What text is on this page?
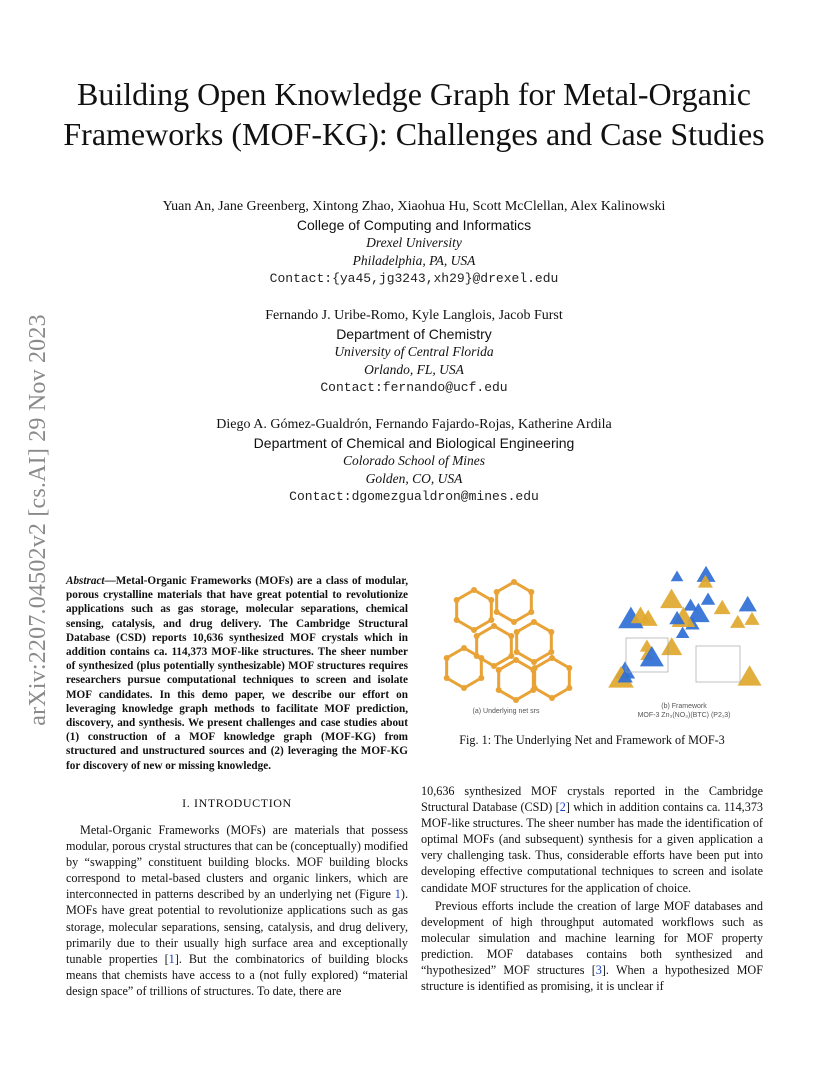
arXiv:2207.04502v2 [cs.AI] 29 Nov 2023
Building Open Knowledge Graph for Metal-Organic Frameworks (MOF-KG): Challenges and Case Studies
Yuan An, Jane Greenberg, Xintong Zhao, Xiaohua Hu, Scott McClellan, Alex Kalinowski
College of Computing and Informatics
Drexel University
Philadelphia, PA, USA
Contact:{ya45,jg3243,xh29}@drexel.edu
Fernando J. Uribe-Romo, Kyle Langlois, Jacob Furst
Department of Chemistry
University of Central Florida
Orlando, FL, USA
Contact:fernando@ucf.edu
Diego A. Gómez-Gualdrón, Fernando Fajardo-Rojas, Katherine Ardila
Department of Chemical and Biological Engineering
Colorado School of Mines
Golden, CO, USA
Contact:dgomezgualdron@mines.edu
Abstract—Metal-Organic Frameworks (MOFs) are a class of modular, porous crystalline materials that have great potential to revolutionize applications such as gas storage, molecular separations, chemical sensing, catalysis, and drug delivery. The Cambridge Structural Database (CSD) reports 10,636 synthesized MOF crystals which in addition contains ca. 114,373 MOF-like structures. The sheer number of synthesized (plus potentially synthesizable) MOF structures requires researchers pursue computational techniques to screen and isolate MOF candidates. In this demo paper, we describe our effort on leveraging knowledge graph methods to facilitate MOF prediction, discovery, and synthesis. We present challenges and case studies about (1) construction of a MOF knowledge graph (MOF-KG) from structured and unstructured sources and (2) leveraging the MOF-KG for discovery of new or missing knowledge.
(a) Underlying net srs
(b) Framework
MOF-3 Zn₃(NO₃)(BTC) (P2₁3)
Fig. 1: The Underlying Net and Framework of MOF-3
I. INTRODUCTION
Metal-Organic Frameworks (MOFs) are materials that possess modular, porous crystal structures that can be (conceptually) modified by “swapping” constituent building blocks. MOF building blocks correspond to metal-based clusters and organic linkers, which are interconnected in patterns described by an underlying net (Figure 1). MOFs have great potential to revolutionize applications such as gas storage, molecular separations, sensing, catalysis, and drug delivery, primarily due to their usually high surface area and exceptionally tunable properties [1]. But the combinatorics of building blocks means that chemists have access to a (not fully explored) “material design space” of trillions of structures. To date, there are

10,636 synthesized MOF crystals reported in the Cambridge Structural Database (CSD) [2] which in addition contains ca. 114,373 MOF-like structures. The sheer number has made the identification of optimal MOFs (and subsequent) synthesis for a given application a very challenging task. Thus, considerable efforts have been put into developing effective computational techniques to screen and isolate candidate MOF structures for the application of choice.

Previous efforts include the creation of large MOF databases and development of high throughput automated workflows such as molecular simulation and machine learning for MOF property prediction. MOF databases contains both synthesized and “hypothesized” MOF structures [3]. When a hypothesized MOF structure is identified as promising, it is unclear if
